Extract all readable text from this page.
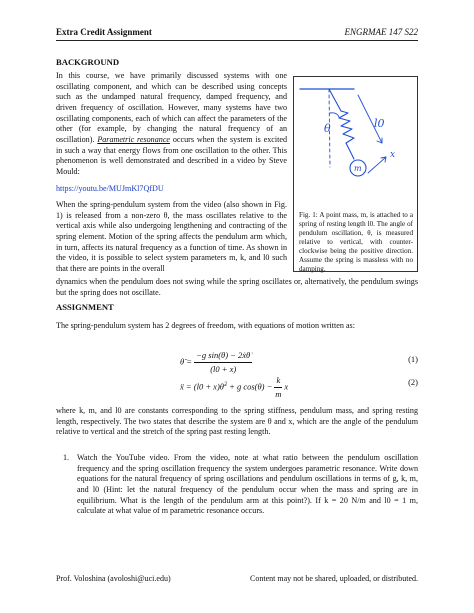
Extra Credit Assignment	ENGRMAE 147 S22
BACKGROUND
In this course, we have primarily discussed systems with one oscillating component, and which can be described using concepts such as the undamped natural frequency, damped frequency, and driven frequency of oscillation. However, many systems have two oscillating components, each of which can affect the parameters of the other (for example, by changing the natural frequency of an oscillation). Parametric resonance occurs when the system is excited in such a way that energy flows from one oscillation to the other. This phenomenon is well demonstrated and described in a video by Steve Mould:
https://youtu.be/MUJmKl7QfDU
When the spring-pendulum system from the video (also shown in Fig. 1) is released from a non-zero θ, the mass oscillates relative to the vertical axis while also undergoing lengthening and contracting of the spring element. Motion of the spring affects the pendulum arm which, in turn, affects its natural frequency as a function of time. As shown in the video, it is possible to select system parameters m, k, and l0 such that there are points in the overall
θ	l0
m
x
Fig. 1: A point mass, m, is attached to a spring of resting length l0. The angle of pendulum oscillation, θ, is measured relative to vertical, with counter-clockwise being the positive direction. Assume the spring is massless with no damping.
dynamics when the pendulum does not swing while the spring oscillates or, alternatively, the pendulum swings but the spring does not oscillate.
ASSIGNMENT
The spring-pendulum system has 2 degrees of freedom, with equations of motion written as:
θ̈ = $\frac{\text{−g sin(θ) − 2ẋθ̇}}{(l0 + x)}$	(1)
ẍ = (l0 + x)θ̇$^2$ + g $\cos(\theta) - \frac{k}{m}$ x	(2)
where k, m, and l0 are constants corresponding to the spring stiffness, pendulum mass, and spring resting length, respectively. The two states that describe the system are θ and x, which are the angle of the pendulum relative to vertical and the stretch of the spring past resting length.
1. Watch the YouTube video. From the video, note at what ratio between the pendulum oscillation frequency and the spring oscillation frequency the system undergoes parametric resonance. Write down equations for the natural frequency of spring oscillations and pendulum oscillations in terms of g, k, m, and l0 (Hint: let the natural frequency of the pendulum occur when the mass and spring are in equilibrium. What is the length of the pendulum arm at this point?). If k = 20 N/m and l0 = 1 m, calculate at what value of m parametric resonance occurs.
Prof. Voloshina (avoloshi@uci.edu)	Content may not be shared, uploaded, or distributed.
